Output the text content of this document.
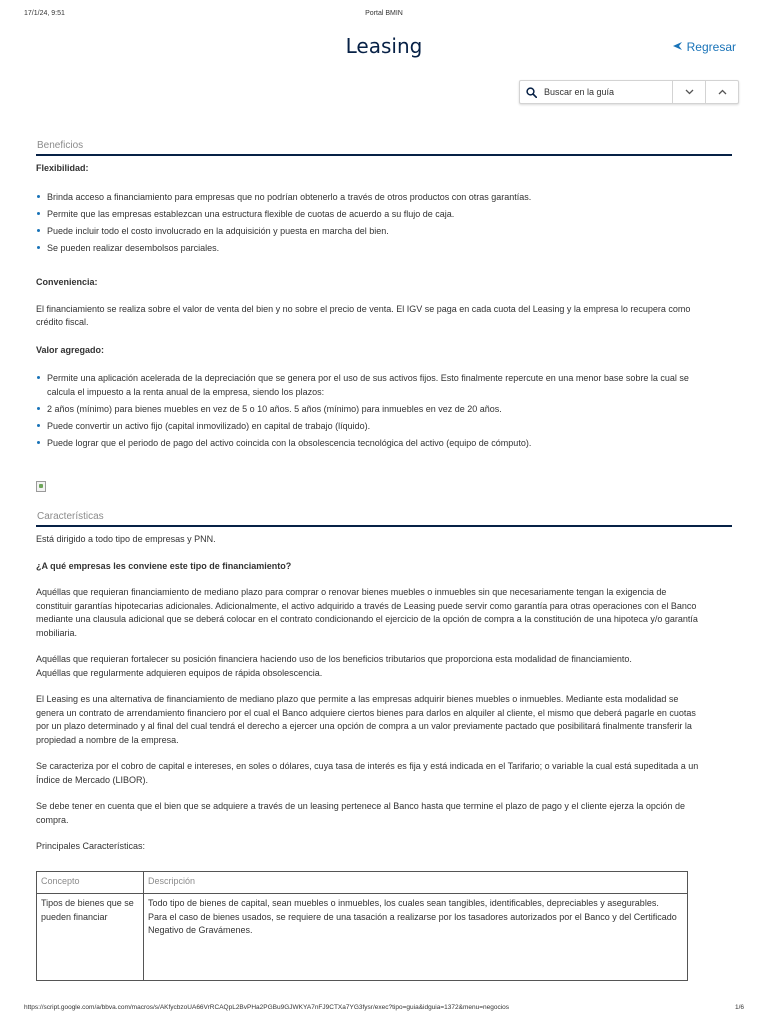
17/1/24, 9:51	Portal BMIN
Leasing	Regresar
Buscar en la guía
Beneficios

Flexibilidad:

Brinda acceso a financiamiento para empresas que no podrían obtenerlo a través de otros productos con otras garantías.
Permite que las empresas establezcan una estructura flexible de cuotas de acuerdo a su flujo de caja.
Puede incluir todo el costo involucrado en la adquisición y puesta en marcha del bien.
Se pueden realizar desembolsos parciales.

Conveniencia:

El financiamiento se realiza sobre el valor de venta del bien y no sobre el precio de venta. El IGV se paga en cada cuota del Leasing y la empresa lo recupera como crédito fiscal.

Valor agregado:

Permite una aplicación acelerada de la depreciación que se genera por el uso de sus activos fijos. Esto finalmente repercute en una menor base sobre la cual se calcula el impuesto a la renta anual de la empresa, siendo los plazos:
2 años (mínimo) para bienes muebles en vez de 5 o 10 años. 5 años (mínimo) para inmuebles en vez de 20 años.
Puede convertir un activo fijo (capital inmovilizado) en capital de trabajo (líquido).
Puede lograr que el periodo de pago del activo coincida con la obsolescencia tecnológica del activo (equipo de cómputo).
Características

Está dirigido a todo tipo de empresas y PNN.

¿A qué empresas les conviene este tipo de financiamiento?

Aquéllas que requieran financiamiento de mediano plazo para comprar o renovar bienes muebles o inmuebles sin que necesariamente tengan la exigencia de constituir garantías hipotecarias adicionales. Adicionalmente, el activo adquirido a través de Leasing puede servir como garantía para otras operaciones con el Banco mediante una clausula adicional que se deberá colocar en el contrato condicionando el ejercicio de la opción de compra a la constitución de una hipoteca y/o garantía mobiliaria.

Aquéllas que requieran fortalecer su posición financiera haciendo uso de los beneficios tributarios que proporciona esta modalidad de financiamiento.

Aquéllas que regularmente adquieren equipos de rápida obsolescencia.

El Leasing es una alternativa de financiamiento de mediano plazo que permite a las empresas adquirir bienes muebles o inmuebles. Mediante esta modalidad se genera un contrato de arrendamiento financiero por el cual el Banco adquiere ciertos bienes para darlos en alquiler al cliente, el mismo que deberá pagarle en cuotas por un plazo determinado y al final del cual tendrá el derecho a ejercer una opción de compra a un valor previamente pactado que posibilitará finalmente transferir la propiedad a nombre de la empresa.

Se caracteriza por el cobro de capital e intereses, en soles o dólares, cuya tasa de interés es fija y está indicada en el Tarifario; o variable la cual está supeditada a un Índice de Mercado (LIBOR).

Se debe tener en cuenta que el bien que se adquiere a través de un leasing pertenece al Banco hasta que termine el plazo de pago y el cliente ejerza la opción de compra.

Principales Características:

Concepto	Descripción
Tipos de bienes que se pueden financiar	Todo tipo de bienes de capital, sean muebles o inmuebles, los cuales sean tangibles, identificables, depreciables y asegurables.
Para el caso de bienes usados, se requiere de una tasación a realizarse por los tasadores autorizados por el Banco y del Certificado Negativo de Gravámenes.
https://script.google.com/a/bbva.com/macros/s/AKfycbzoUA66VrRCAQpL2BvPHa2PGBu9GJWKYA7nFJ9CTXa7YG3fysr/exec?tipo=guia&idguia=1372&menu=negocios	1/6
